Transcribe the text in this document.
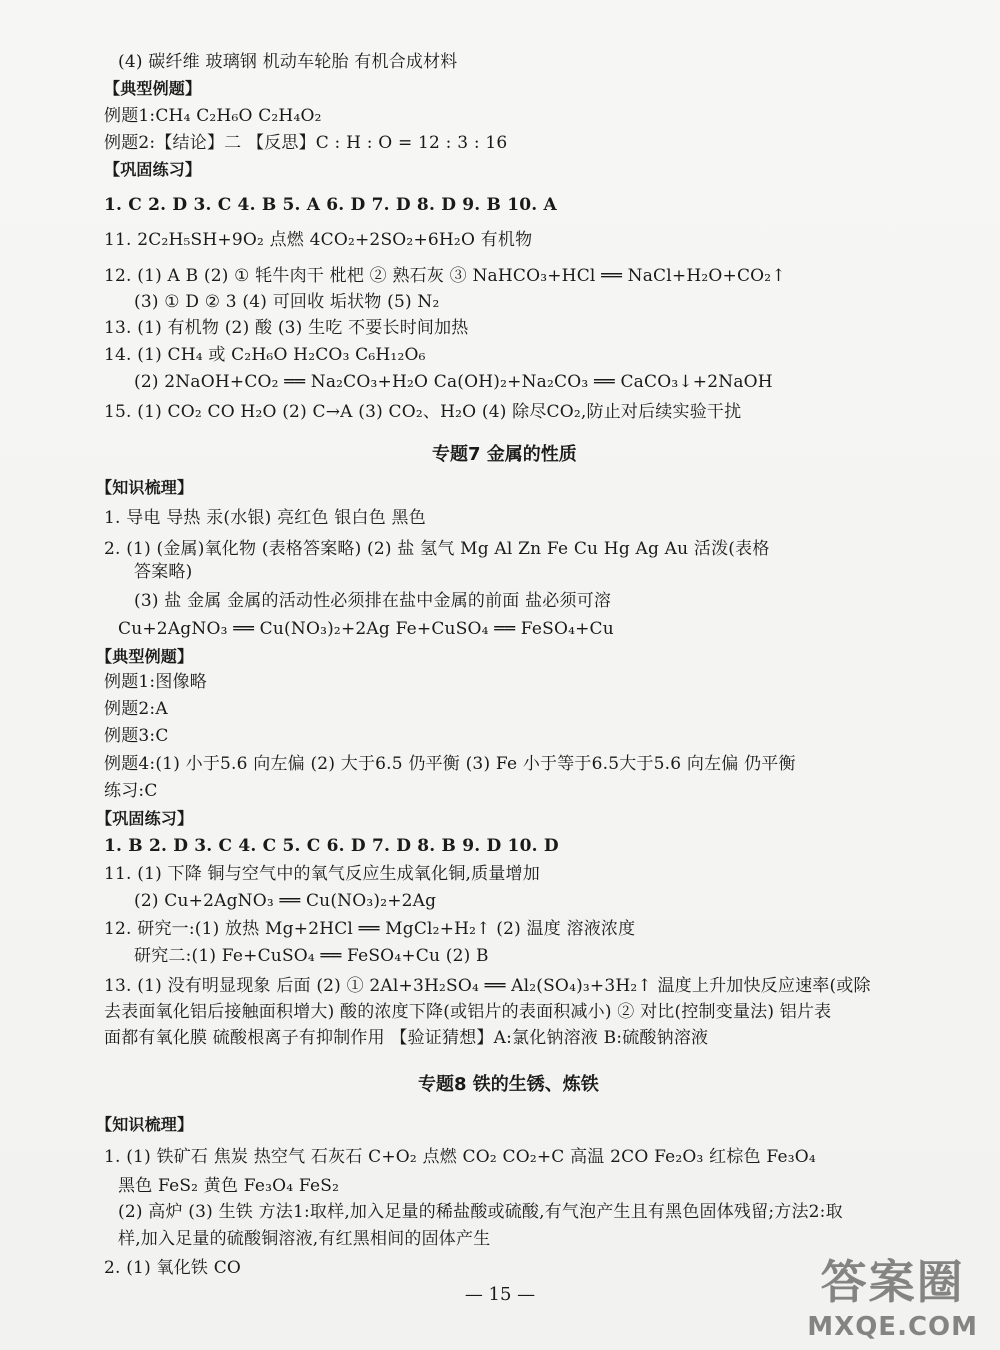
(4) 碳纤维 玻璃钢 机动车轮胎 有机合成材料
【典型例题】
例题1:CH₄ C₂H₆O C₂H₄O₂
例题2:【结论】二 【反思】C : H : O = 12 : 3 : 16
【巩固练习】
1. C 2. D 3. C 4. B 5. A 6. D 7. D 8. D 9. B 10. A
11. 2C₂H₅SH+9O₂ 点燃 4CO₂+2SO₂+6H₂O 有机物
12. (1) A B (2) ① 牦牛肉干 枇杷 ② 熟石灰 ③ NaHCO₃+HCl ══ NaCl+H₂O+CO₂↑
(3) ① D ② 3 (4) 可回收 垢状物 (5) N₂
13. (1) 有机物 (2) 酸 (3) 生吃 不要长时间加热
14. (1) CH₄ 或 C₂H₆O H₂CO₃ C₆H₁₂O₆
(2) 2NaOH+CO₂ ══ Na₂CO₃+H₂O Ca(OH)₂+Na₂CO₃ ══ CaCO₃↓+2NaOH
15. (1) CO₂ CO H₂O (2) C→A (3) CO₂、H₂O (4) 除尽CO₂,防止对后续实验干扰
专题7 金属的性质
【知识梳理】
1. 导电 导热 汞(水银) 亮红色 银白色 黑色
2. (1) (金属)氧化物 (表格答案略) (2) 盐 氢气 Mg Al Zn Fe Cu Hg Ag Au 活泼(表格
答案略)
(3) 盐 金属 金属的活动性必须排在盐中金属的前面 盐必须可溶
Cu+2AgNO₃ ══ Cu(NO₃)₂+2Ag Fe+CuSO₄ ══ FeSO₄+Cu
【典型例题】
例题1:图像略
例题2:A
例题3:C
例题4:(1) 小于5.6 向左偏 (2) 大于6.5 仍平衡 (3) Fe 小于等于6.5大于5.6 向左偏 仍平衡
练习:C
【巩固练习】
1. B 2. D 3. C 4. C 5. C 6. D 7. D 8. B 9. D 10. D
11. (1) 下降 铜与空气中的氧气反应生成氧化铜,质量增加
(2) Cu+2AgNO₃ ══ Cu(NO₃)₂+2Ag
12. 研究一:(1) 放热 Mg+2HCl ══ MgCl₂+H₂↑ (2) 温度 溶液浓度
研究二:(1) Fe+CuSO₄ ══ FeSO₄+Cu (2) B
13. (1) 没有明显现象 后面 (2) ① 2Al+3H₂SO₄ ══ Al₂(SO₄)₃+3H₂↑ 温度上升加快反应速率(或除
去表面氧化铝后接触面积增大) 酸的浓度下降(或铝片的表面积减小) ② 对比(控制变量法) 铝片表
面都有氧化膜 硫酸根离子有抑制作用 【验证猜想】A:氯化钠溶液 B:硫酸钠溶液
专题8 铁的生锈、炼铁
【知识梳理】
1. (1) 铁矿石 焦炭 热空气 石灰石 C+O₂ 点燃 CO₂ CO₂+C 高温 2CO Fe₂O₃ 红棕色 Fe₃O₄
黑色 FeS₂ 黄色 Fe₃O₄ FeS₂
(2) 高炉 (3) 生铁 方法1:取样,加入足量的稀盐酸或硫酸,有气泡产生且有黑色固体残留;方法2:取
样,加入足量的硫酸铜溶液,有红黑相间的固体产生
2. (1) 氧化铁 CO
— 15 —	答案圈
MXQE.COM
